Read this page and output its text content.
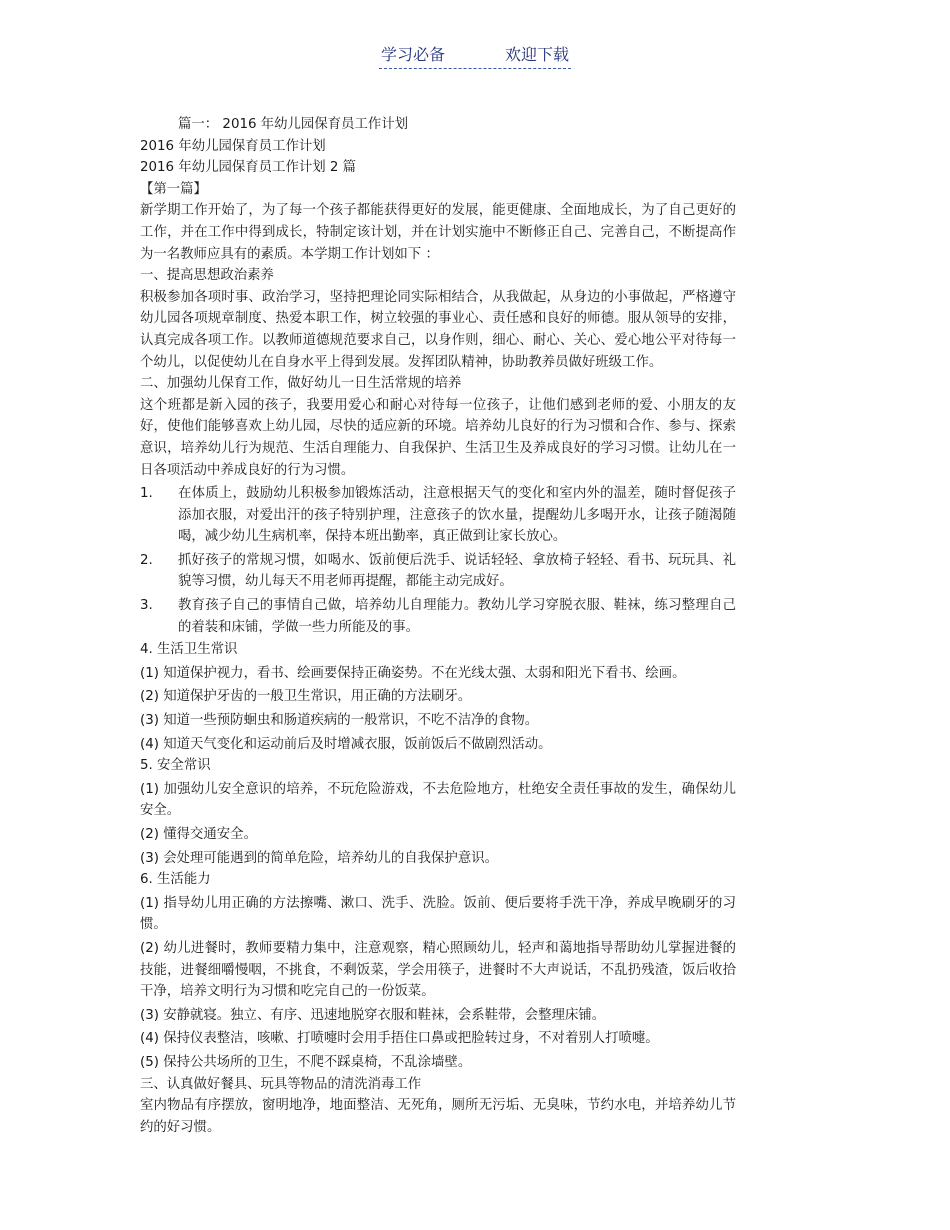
学习必备	欢迎下载

篇一： 2016 年幼儿园保育员工作计划

2016 年幼儿园保育员工作计划

2016 年幼儿园保育员工作计划 2 篇

【第一篇】

新学期工作开始了，为了每一个孩子都能获得更好的发展，能更健康、全面地成长，为了自己更好的工作，并在工作中得到成长，特制定该计划，并在计划实施中不断修正自己、完善自己，不断提高作为一名教师应具有的素质。本学期工作计划如下 ：

一、提高思想政治素养

积极参加各项时事、政治学习，坚持把理论同实际相结合，从我做起，从身边的小事做起，严格遵守幼儿园各项规章制度、热爱本职工作，树立较强的事业心、责任感和良好的师德。服从领导的安排，认真完成各项工作。以教师道德规范要求自己，以身作则，细心、耐心、关心、爱心地公平对待每一个幼儿，以促使幼儿在自身水平上得到发展。发挥团队精神，协助教养员做好班级工作。

二、加强幼儿保育工作，做好幼儿一日生活常规的培养

这个班都是新入园的孩子，我要用爱心和耐心对待每一位孩子，让他们感到老师的爱、小朋友的友好，使他们能够喜欢上幼儿园，尽快的适应新的环境。培养幼儿良好的行为习惯和合作、参与、探索意识，培养幼儿行为规范、生活自理能力、自我保护、生活卫生及养成良好的学习习惯。让幼儿在一日各项活动中养成良好的行为习惯。

1. 在体质上，鼓励幼儿积极参加锻炼活动，注意根据天气的变化和室内外的温差，随时督促孩子添加衣服，对爱出汗的孩子特别护理，注意孩子的饮水量，提醒幼儿多喝开水，让孩子随渴随喝，减少幼儿生病机率，保持本班出勤率，真正做到让家长放心。

2. 抓好孩子的常规习惯，如喝水、饭前便后洗手、说话轻轻、拿放椅子轻轻、看书、玩玩具、礼貌等习惯，幼儿每天不用老师再提醒，都能主动完成好。

3. 教育孩子自己的事情自己做，培养幼儿自理能力。教幼儿学习穿脱衣服、鞋袜，练习整理自己的着装和床铺，学做一些力所能及的事。

4. 生活卫生常识

(1) 知道保护视力，看书、绘画要保持正确姿势。不在光线太强、太弱和阳光下看书、绘画。

(2) 知道保护牙齿的一般卫生常识，用正确的方法刷牙。

(3) 知道一些预防蛔虫和肠道疾病的一般常识，不吃不洁净的食物。

(4) 知道天气变化和运动前后及时增减衣服，饭前饭后不做剧烈活动。

5. 安全常识

(1) 加强幼儿安全意识的培养，不玩危险游戏，不去危险地方，杜绝安全责任事故的发生，确保幼儿安全。

(2) 懂得交通安全。

(3) 会处理可能遇到的简单危险，培养幼儿的自我保护意识。

6. 生活能力

(1) 指导幼儿用正确的方法擦嘴、漱口、洗手、洗脸。饭前、便后要将手洗干净，养成早晚刷牙的习惯。

(2) 幼儿进餐时，教师要精力集中，注意观察，精心照顾幼儿，轻声和蔼地指导帮助幼儿掌握进餐的技能，进餐细嚼慢咽，不挑食，不剩饭菜，学会用筷子，进餐时不大声说话，不乱扔残渣，饭后收拾干净，培养文明行为习惯和吃完自己的一份饭菜。

(3) 安静就寝。独立、有序、迅速地脱穿衣服和鞋袜，会系鞋带，会整理床铺。

(4) 保持仪表整洁，咳嗽、打喷嚏时会用手捂住口鼻或把脸转过身，不对着别人打喷嚏。

(5) 保持公共场所的卫生，不爬不踩桌椅，不乱涂墙壁。

三、认真做好餐具、玩具等物品的清洗消毒工作

室内物品有序摆放，窗明地净，地面整洁、无死角，厕所无污垢、无臭味，节约水电，并培养幼儿节约的好习惯。
